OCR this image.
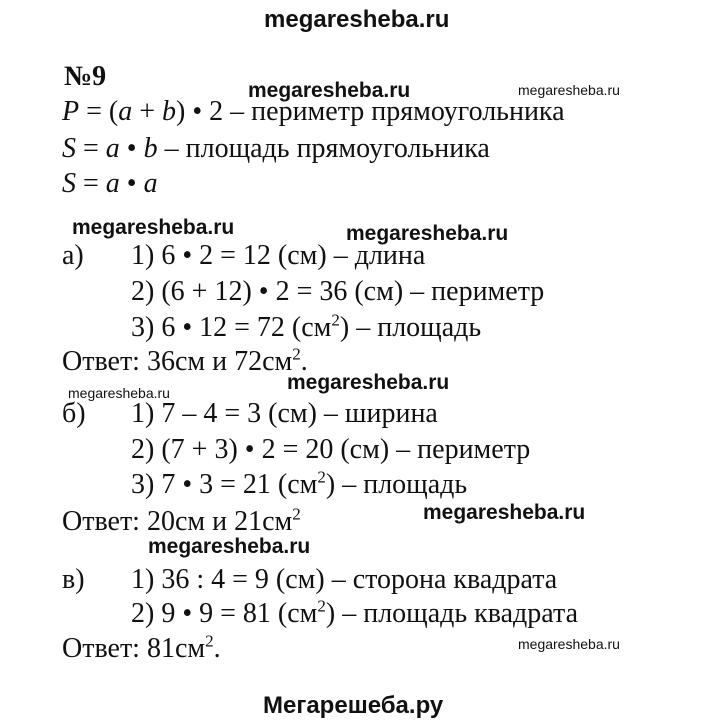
megaresheba.ru
megaresheba.ru	megaresheba.ru
megaresheba.ru	megaresheba.ru
megaresheba.ru	megaresheba.ru
megaresheba.ru
megaresheba.ru
megaresheba.ru
№9
P = (a + b) • 2 – периметр прямоугольника
S = a • b – площадь прямоугольника
S = a • a
а) 1) 6 • 2 = 12 (см) – длина
2) (6 + 12) • 2 = 36 (см) – периметр
3) 6 • 12 = 72 $(см^2)$ – площадь
Ответ: 36см и $72см^2$.
б) 1) 7 – 4 = 3 (см) – ширина
2) (7 + 3) • 2 = 20 (см) – периметр
3) 7 • 3 = 21 $(см^2)$ – площадь
Ответ: 20см и $21см^2$
в) 1) 36 : 4 = 9 (см) – сторона квадрата
2) 9 • 9 = 81 $(см^2)$ – площадь квадрата
Ответ: $81см^2$.
Мегарешеба.ру
